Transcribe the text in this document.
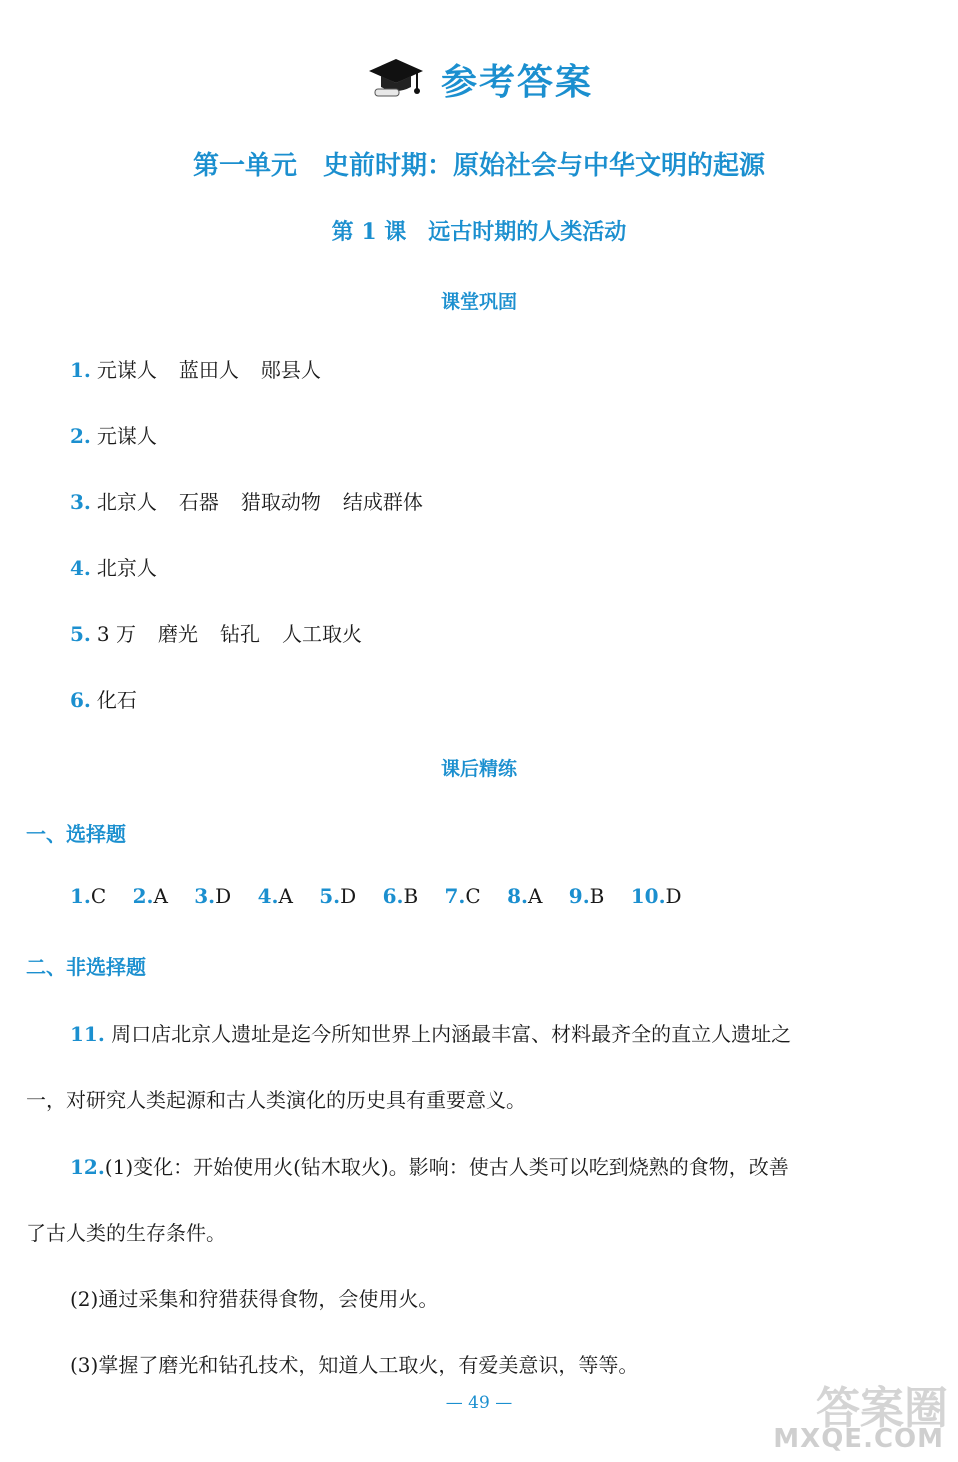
参考答案
第一单元　史前时期：原始社会与中华文明的起源
第 1 课　远古时期的人类活动
课堂巩固
1. 元谋人 蓝田人 郧县人
2. 元谋人
3. 北京人 石器 猎取动物 结成群体
4. 北京人
5. 3 万 磨光 钻孔 人工取火
6. 化石
课后精练
一、选择题
1.C 2.A 3.D 4.A 5.D 6.B 7.C 8.A 9.B 10.D
二、非选择题
11. 周口店北京人遗址是迄今所知世界上内涵最丰富、材料最齐全的直立人遗址之
一，对研究人类起源和古人类演化的历史具有重要意义。
12.(1)变化：开始使用火(钻木取火)。影响：使古人类可以吃到烧熟的食物，改善
了古人类的生存条件。
(2)通过采集和狩猎获得食物，会使用火。
(3)掌握了磨光和钻孔技术，知道人工取火，有爱美意识，等等。
— 49 —	答案圈
MXQE.COM
